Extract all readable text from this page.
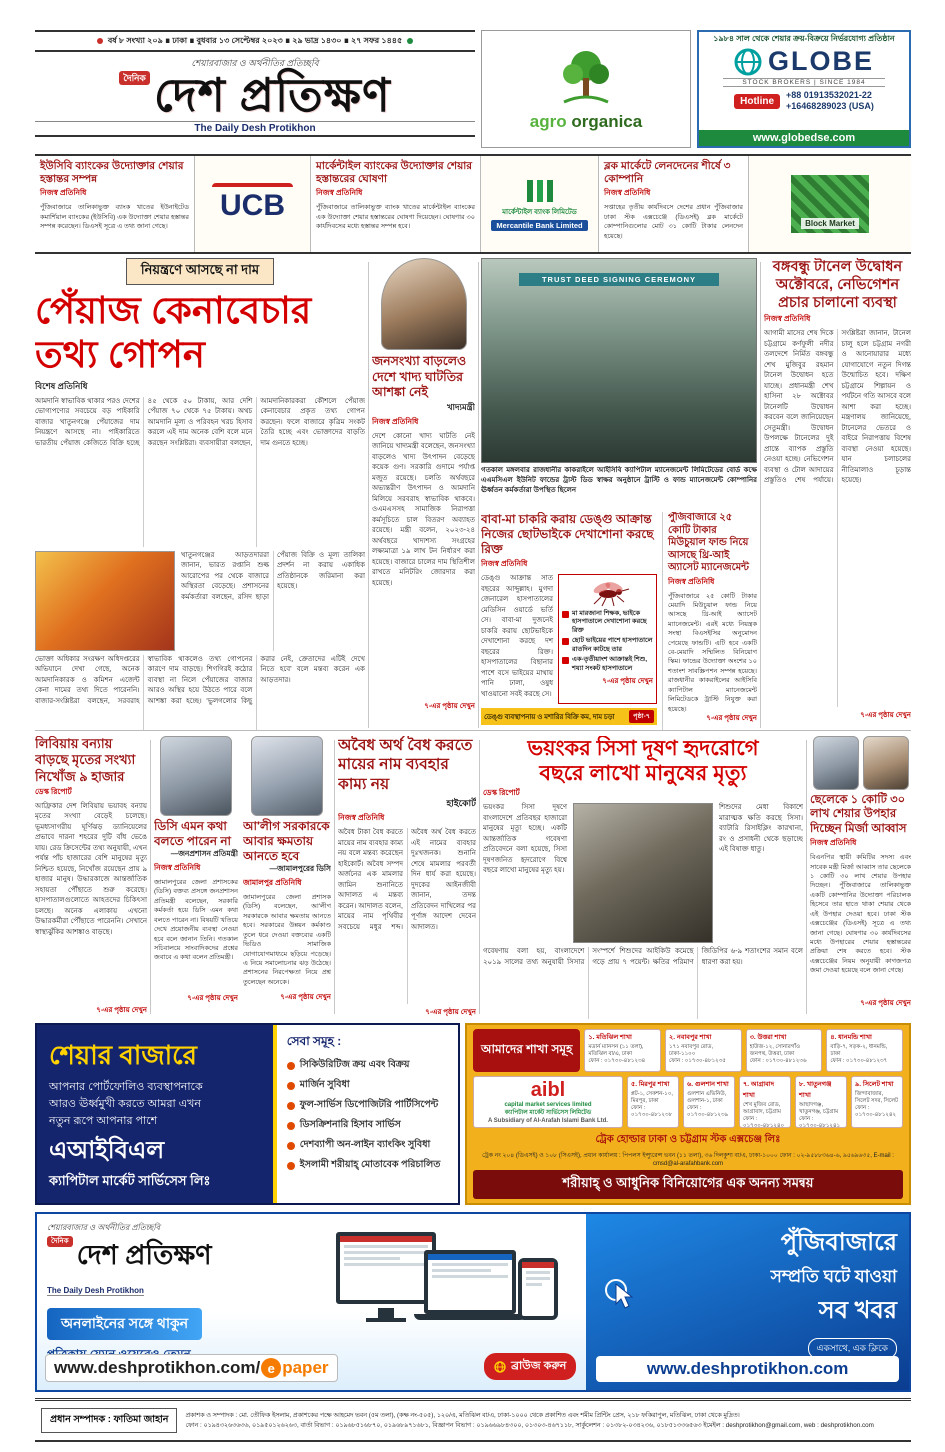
বর্ষ ৮ সংখ্যা ২০৯ ∎ ঢাকা ∎ বুধবার ১৩ সেপ্টেম্বর ২০২৩ ∎ ২৯ ভাদ্র ১৪৩০ ∎ ২৭ সফর ১৪৪৫
শেয়ারবাজার ও অর্থনীতির প্রতিচ্ছবি
$^{দৈনিক}$ দেশ প্রতিক্ষণ
The Daily Desh Protikhon	agro organica
১৯৮৪ সাল থেকে শেয়ার ক্রয়-বিক্রয়ে নির্ভরযোগ্য প্রতিষ্ঠান
GLOBE
STOCK BROKERS | SINCE 1984
Hotline
+88 01913532021-22
+16468289023 (USA)
www.globedse.com
ইউসিবি ব্যাংকের উদ্যোক্তার শেয়ার হস্তান্তর সম্পন্ন
নিজস্ব প্রতিনিধি
পুঁজিবাজারে তালিকাভুক্ত ব্যাংক খাতের ইউনাইটেড কমার্শিয়াল ব্যাংকের (ইউসিবি) এক উদ্যোক্তা শেয়ার হস্তান্তর সম্পন্ন করেছেন। ডিএসই সূত্রে এ তথ্য জানা গেছে।
UCB
মার্কেন্টাইল ব্যাংকের উদ্যোক্তার শেয়ার হস্তান্তরের ঘোষণা
নিজস্ব প্রতিনিধি
পুঁজিবাজারে তালিকাভুক্ত ব্যাংক খাতের মার্কেন্টাইল ব্যাংকের এক উদ্যোক্তা শেয়ার হস্তান্তরের ঘোষণা দিয়েছেন। ঘোষণার ৩০ কার্যদিবসের মধ্যে হস্তান্তর সম্পন্ন হবে।
মার্কেন্টাইল ব্যাংক লিমিটেড
Mercantile Bank Limited
ব্লক মার্কেটে লেনদেনের শীর্ষে ৩ কোম্পানি
নিজস্ব প্রতিনিধি
সপ্তাহের তৃতীয় কার্যদিবসে দেশের প্রধান পুঁজিবাজার ঢাকা স্টক এক্সচেঞ্জে (ডিএসই) ব্লক মার্কেটে কোম্পানিগুলোর মোট ৩১ কোটি টাকার লেনদেন হয়েছে।
Block Market
নিয়ন্ত্রণে আসছে না দাম
পেঁয়াজ কেনাবেচার
তথ্য গোপন
বিশেষ প্রতিনিধি
আমদানি স্বাভাবিক থাকার পরও দেশের ভোগ্যপণ্যের সবচেয়ে বড় পাইকারি বাজার খাতুনগঞ্জে পেঁয়াজের দাম নিয়ন্ত্রণে আসছে না। পাইকারিতে ভারতীয় পেঁয়াজ কেজিতে বিক্রি হচ্ছে ৪৫ থেকে ৫০ টাকায়, আর দেশি পেঁয়াজ ৭০ থেকে ৭৫ টাকায়। অথচ আমদানি মূল্য ও পরিবহন খরচ হিসাব করলে এই দাম অনেক বেশি বলে মনে করছেন সংশ্লিষ্টরা। ব্যবসায়ীরা বলছেন, আমদানিকারকরা কৌশলে পেঁয়াজ কেনাবেচার প্রকৃত তথ্য গোপন করছেন। ফলে বাজারে কৃত্রিম সংকট তৈরি হচ্ছে এবং ভোক্তাদের বাড়তি দাম গুনতে হচ্ছে।
খাতুনগঞ্জের আড়তদাররা জানান, ভারত রপ্তানি শুল্ক আরোপের পর থেকে বাজারে অস্থিরতা বেড়েছে। প্রশাসনের কর্মকর্তারা বলছেন, রসিদ ছাড়া পেঁয়াজ বিক্রি ও মূল্য তালিকা প্রদর্শন না করায় একাধিক প্রতিষ্ঠানকে জরিমানা করা হয়েছে।
ভোক্তা অধিকার সংরক্ষণ অধিদপ্তরের অভিযানে দেখা গেছে, অনেক আমদানিকারক ও কমিশন এজেন্ট কেনা দামের তথ্য দিতে পারেননি। বাজার-সংশ্লিষ্টরা বলছেন, সরবরাহ স্বাভাবিক থাকলেও তথ্য গোপনের কারণে দাম বাড়ছে। শিগগিরই কঠোর ব্যবস্থা না নিলে পেঁয়াজের বাজার আরও অস্থির হয়ে উঠতে পারে বলে আশঙ্কা করা হচ্ছে। ‘ভুলগলোর কিছু করার নেই, ক্রেতাদের এটিই দেখে নিতে হবে’ বলে মন্তব্য করেন এক আড়তদার।
জনসংখ্যা বাড়লেও দেশে খাদ্য ঘাটতির আশঙ্কা নেই
খাদ্যমন্ত্রী
নিজস্ব প্রতিনিধি
দেশে কোনো খাদ্য ঘাটতি নেই জানিয়ে খাদ্যমন্ত্রী বলেছেন, জনসংখ্যা বাড়লেও খাদ্য উৎপাদন বেড়েছে কয়েক গুণ। সরকারি গুদামে পর্যাপ্ত মজুত রয়েছে। চলতি অর্থবছরে অভ্যন্তরীণ উৎপাদন ও আমদানি মিলিয়ে সরবরাহ স্বাভাবিক থাকবে। ওএমএসসহ সামাজিক নিরাপত্তা কর্মসূচিতে চাল বিতরণ অব্যাহত রয়েছে। মন্ত্রী বলেন, ২০২৩-২৪ অর্থবছরে খাদ্যশস্য সংগ্রহের লক্ষ্যমাত্রা ১৯ লাখ টন নির্ধারণ করা হয়েছে। বাজারে চালের দাম স্থিতিশীল রাখতে মনিটরিং জোরদার করা হয়েছে।
৭-এর পৃষ্ঠায় দেখুন
TRUST DEED SIGNING CEREMONY
গতকাল মঙ্গলবার রাজধানীর কাকরাইলে আইসিবি ক্যাপিটাল ম্যানেজমেন্ট লিমিটেডের বোর্ড কক্ষে এএমসিএল ইউনিট ফান্ডের ট্রাস্ট ডিড স্বাক্ষর অনুষ্ঠানে ট্রাস্টি ও ফান্ড ম্যানেজমেন্ট কোম্পানির ঊর্ধ্বতন কর্মকর্তারা উপস্থিত ছিলেন
বাবা-মা চাকরি করায় ডেঙ্গু আক্রান্ত নিজের ছোটভাইকে দেখাশোনা করছে রিক্ত
নিজস্ব প্রতিনিধি
ডেঙ্গু আক্রান্ত সাত বছরের আব্দুল্লাহ। মুগদা জেনারেল হাসপাতালের মেডিসিন ওয়ার্ডে ভর্তি সে। বাবা-মা দুজনেই চাকরি করায় ছোটভাইকে দেখাশোনা করছে দশ বছরের রিক্ত। হাসপাতালের বিছানার পাশে বসে ভাইয়ের মাথায় পানি ঢালা, ওষুধ খাওয়ানো সবই করছে সে।
মা মারজানা শিক্ষক, ভাইকে হাসপাতালে দেখাশোনা করছে রিক্ত
ছোট ভাইয়ের পাশে হাসপাতালে রাতদিন কাটছে তার
এক-তৃতীয়াংশ আক্রান্তই শিশু, শয্যা সংকট হাসপাতালে
৭-এর পৃষ্ঠায় দেখুন
ডেঙ্গু ব্যবস্থাপনায় ও মশারির বিক্রি কম, দাম চড়া	পৃষ্ঠা-৭
পুঁজিবাজারে ২৫ কোটি টাকার মিউচুয়াল ফান্ড নিয়ে আসছে থ্রি-আই অ্যাসেট ম্যানেজমেন্ট
নিজস্ব প্রতিনিধি
পুঁজিবাজারে ২৫ কোটি টাকার মেয়াদি মিউচুয়াল ফান্ড নিয়ে আসছে থ্রি-আই অ্যাসেট ম্যানেজমেন্ট। এরই মধ্যে নিয়ন্ত্রক সংস্থা বিএসইসির অনুমোদন পেয়েছে ফান্ডটি। এটি হবে একটি বে-মেয়াদি সম্মিলিত বিনিয়োগ স্কিম। ফান্ডের উদ্যোক্তা অংশের ১০ শতাংশ সাবস্ক্রিপশন সম্পন্ন হয়েছে। রাজধানীর কাকরাইলের আইসিবি ক্যাপিটাল ম্যানেজমেন্ট লিমিটেডকে ট্রাস্টি নিযুক্ত করা হয়েছে।
৭-এর পৃষ্ঠায় দেখুন
বঙ্গবন্ধু টানেল উদ্বোধন অক্টোবরে, নেভিগেশন প্রচার চালানো ব্যবস্থা
নিজস্ব প্রতিনিধি
আগামী মাসের শেষ দিকে চট্টগ্রামে কর্ণফুলী নদীর তলদেশে নির্মিত বঙ্গবন্ধু শেখ মুজিবুর রহমান টানেল উদ্বোধন হতে যাচ্ছে। প্রধানমন্ত্রী শেখ হাসিনা ২৮ অক্টোবর টানেলটি উদ্বোধন করবেন বলে জানিয়েছেন সেতুমন্ত্রী। উদ্বোধন উপলক্ষে টানেলের দুই প্রান্তে ব্যাপক প্রস্তুতি নেওয়া হচ্ছে। নেভিগেশন ব্যবস্থা ও টোল আদায়ের প্রস্তুতিও শেষ পর্যায়ে। সংশ্লিষ্টরা জানান, টানেল চালু হলে চট্টগ্রাম নগরী ও আনোয়ারার মধ্যে যোগাযোগে নতুন দিগন্ত উন্মোচিত হবে। দক্ষিণ চট্টগ্রামে শিল্পায়ন ও পর্যটনে গতি আসবে বলে আশা করা হচ্ছে। মন্ত্রণালয় জানিয়েছে, টানেলের ভেতরে ও বাইরে নিরাপত্তায় বিশেষ ব্যবস্থা নেওয়া হয়েছে। যান চলাচলের নীতিমালাও চূড়ান্ত হয়েছে।
৭-এর পৃষ্ঠায় দেখুন
লিবিয়ায় বন্যায় বাড়ছে মৃতের সংখ্যা নিখোঁজ ৯ হাজার
ডেস্ক রিপোর্ট
আফ্রিকার দেশ লিবিয়ায় ভয়াবহ বন্যায় মৃতের সংখ্যা বেড়েই চলেছে। ভূমধ্যসাগরীয় ঘূর্ণিঝড় ড্যানিয়েলের প্রভাবে দারনা শহরের দুটি বাঁধ ভেঙে যায়। রেড ক্রিসেন্টের তথ্য অনুযায়ী, এখন পর্যন্ত পাঁচ হাজারের বেশি মানুষের মৃত্যু নিশ্চিত হয়েছে, নিখোঁজ রয়েছেন প্রায় ৯ হাজার মানুষ। উদ্ধারকাজে আন্তর্জাতিক সহায়তা পৌঁছাতে শুরু করেছে। হাসপাতালগুলোতে আহতদের চিকিৎসা চলছে। অনেক এলাকায় এখনো উদ্ধারকর্মীরা পৌঁছাতে পারেননি। সেখানে স্বাস্থ্যঝুঁকির আশঙ্কাও বাড়ছে।
৭-এর পৃষ্ঠায় দেখুন
ডিসি এমন কথা বলতে পারেন না
—জনপ্রশাসন প্রতিমন্ত্রী
নিজস্ব প্রতিনিধি
জামালপুরের জেলা প্রশাসকের (ডিসি) বক্তব্য প্রসঙ্গে জনপ্রশাসন প্রতিমন্ত্রী বলেছেন, সরকারি কর্মকর্তা হয়ে ডিসি এমন কথা বলতে পারেন না। বিষয়টি খতিয়ে দেখে প্রয়োজনীয় ব্যবস্থা নেওয়া হবে বলে জানান তিনি। গতকাল সচিবালয়ে সাংবাদিকদের প্রশ্নের জবাবে এ কথা বলেন প্রতিমন্ত্রী।
৭-এর পৃষ্ঠায় দেখুন
আ'লীগ সরকারকে আবার ক্ষমতায় আনতে হবে
—জামালপুরের ডিসি
জামালপুর প্রতিনিধি
জামালপুরের জেলা প্রশাসক (ডিসি) বলেছেন, আ'লীগ সরকারকে আবার ক্ষমতায় আনতে হবে। সরকারের উন্নয়ন কর্মকাণ্ড তুলে ধরে দেওয়া বক্তব্যের একটি ভিডিও সামাজিক যোগাযোগমাধ্যমে ছড়িয়ে পড়েছে। এ নিয়ে সমালোচনার ঝড় উঠেছে। প্রশাসনের নিরপেক্ষতা নিয়ে প্রশ্ন তুলেছেন অনেকে।
৭-এর পৃষ্ঠায় দেখুন
অবৈধ অর্থ বৈধ করতে মায়ের নাম ব্যবহার কাম্য নয়
হাইকোর্ট
নিজস্ব প্রতিনিধি
অবৈধ টাকা বৈধ করতে মায়ের নাম ব্যবহার কাম্য নয় বলে মন্তব্য করেছেন হাইকোর্ট। অবৈধ সম্পদ অর্জনের এক মামলার জামিন শুনানিতে আদালত এ মন্তব্য করেন। আদালত বলেন, মায়ের নাম পৃথিবীর সবচেয়ে মধুর শব্দ। অবৈধ অর্থ বৈধ করতে এই নামের ব্যবহার দুঃখজনক। শুনানি শেষে মামলার পরবর্তী দিন ধার্য করা হয়েছে। দুদকের আইনজীবী জানান, তদন্ত প্রতিবেদন দাখিলের পর পূর্ণাঙ্গ আদেশ দেবেন আদালত।
৭-এর পৃষ্ঠায় দেখুন
ভয়ংকর সিসা দূষণ হৃদরোগে
বছরে লাখো মানুষের মৃত্যু
ডেস্ক রিপোর্ট
ভয়ংকর সিসা দূষণে বাংলাদেশে প্রতিবছর হাজারো মানুষের মৃত্যু হচ্ছে। একটি আন্তর্জাতিক গবেষণা প্রতিবেদনে বলা হয়েছে, সিসা দূষণজনিত হৃদরোগে বিশ্বে বছরে লাখো মানুষের মৃত্যু হয়।
শিশুদের মেধা বিকাশে মারাত্মক ক্ষতি করছে সিসা। ব্যাটারি রিসাইক্লিং কারখানা, রং ও প্রসাধনী থেকে ছড়াচ্ছে এই বিষাক্ত ধাতু।
গবেষণায় বলা হয়, বাংলাদেশে ২০১৯ সালের তথ্য অনুযায়ী সিসার সংস্পর্শে শিশুদের আইকিউ কমেছে গড়ে প্রায় ৭ পয়েন্ট। ক্ষতির পরিমাণ জিডিপির ৬-৯ শতাংশের সমান বলে ধারণা করা হয়।
ছেলেকে ১ কোটি ৩০ লাখ শেয়ার উপহার দিচ্ছেন মির্জা আব্বাস
নিজস্ব প্রতিনিধি
বিএনপির স্থায়ী কমিটির সদস্য এবং সাবেক মন্ত্রী মির্জা আব্বাস তার ছেলেকে ১ কোটি ৩০ লাখ শেয়ার উপহার দিচ্ছেন। পুঁজিবাজারে তালিকাভুক্ত একটি কোম্পানির উদ্যোক্তা পরিচালক হিসেবে তার হাতে থাকা শেয়ার থেকে এই উপহার দেওয়া হবে। ঢাকা স্টক এক্সচেঞ্জের (ডিএসই) সূত্রে এ তথ্য জানা গেছে। ঘোষণার ৩০ কার্যদিবসের মধ্যে উপহারের শেয়ার হস্তান্তরের প্রক্রিয়া শেষ করতে হবে। স্টক এক্সচেঞ্জের নিয়ম অনুযায়ী কাগজপত্র জমা দেওয়া হয়েছে বলে জানা গেছে।
৭-এর পৃষ্ঠায় দেখুন
শেয়ার বাজারে
আপনার পোর্টফোলিও ব্যবস্থাপনাকে
আরও ঊর্ধ্বমুখী করতে আমরা এখন
নতুন রূপে আপনার পাশে
এআইবিএল
ক্যাপিটাল মার্কেট সার্ভিসেস লিঃ
সেবা সমূহ :
সিকিউরিটিজ ক্রয় এবং বিক্রয়
মার্জিন সুবিধা
ফুল-সার্ভিস ডিপোজিটরি পার্টিসিপেন্ট
ডিসক্রিশনারি হিসাব সার্ভিস
দেশব্যাপী অন-লাইন ব্যাংকিং সুবিধা
ইসলামী শরীয়াহ্ মোতাবেক পরিচালিত
আমাদের শাখা সমূহ
১. মতিঝিল শাখা

মডার্ন ম্যানসন (১১ তলা), মতিঝিল বা/এ, ঢাকা

ফোন : ০১৭৩০-৪৮১২৩৪

২. নবাবপুর শাখা

১৭১ নবাবপুর রোড, ঢাকা-১১০০

ফোন : ০১৭৩০-৪৮১২৩৫

৩. উত্তরা শাখা

হাউজ-১২, সোনারগাঁও জনপথ, উত্তরা, ঢাকা

ফোন : ০১৭৩০-৪৮১২৩৬

৪. ধানমন্ডি শাখা

বাড়ি-৭, সড়ক-২, ধানমন্ডি, ঢাকা

ফোন : ০১৭৩০-৪৮১২৩৭

aibl
capital market services limited
ক্যাপিটাল মার্কেট সার্ভিসেস লিমিটেড
A Subsidiary of Al-Arafah Islami Bank Ltd.
৫. মিরপুর শাখা

প্লট-১, সেকশন-১০, মিরপুর, ঢাকা

ফোন : ০১৭৩০-৪৮১২৩৮

৬. গুলশান শাখা

গুলশান এভিনিউ, গুলশান-১, ঢাকা

ফোন : ০১৭৩০-৪৮১২৩৯

৭. আগ্রাবাদ শাখা

শেখ মুজিব রোড, আগ্রাবাদ, চট্টগ্রাম

ফোন : ০১৭৩০-৪৮১২৪০

৮. খাতুনগঞ্জ শাখা

আছাদগঞ্জ, খাতুনগঞ্জ, চট্টগ্রাম

ফোন : ০১৭৩০-৪৮১২৪১

৯. সিলেট শাখা

জিন্দাবাজার, সিলেট সদর, সিলেট

ফোন : ০১৭৩০-৪৮১২৪২

ট্রেক হোল্ডার ঢাকা ও চট্টগ্রাম স্টক এক্সচেঞ্জ লিঃ
ট্রেক নং ২০৪ (ডিএসই) ও ১০৮ (সিএসই), প্রধান কার্যালয় : পিপলস ইন্স্যুরেন্স ভবন (১১ তলা), ৩৬ দিলকুশা বা/এ, ঢাকা-১০০০ ফোন : ০২-৯৫৮৮৩৬৪-৬, ৯৫৬৯৬৩৫, E-mail : cmsd@al-arafahbank.com
শরীয়াহ্ ও আধুনিক বিনিয়োগের এক অনন্য সমন্বয়
শেয়ারবাজার ও অর্থনীতির প্রতিচ্ছবি
$^{দৈনিক}$ দেশ প্রতিক্ষণ
The Daily Desh Protikhon
অনলাইনের সঙ্গে থাকুন
www.deshprotikhon.com/ e paper	ব্রাউজ করুন
পুঁজিবাজারে
সম্প্রতি ঘটে যাওয়া
সব খবর
একসাথে, এক ক্লিকে
www.deshprotikhon.com
প্রধান সম্পাদক : ফাতিমা জাহান	প্রকাশক ও সম্পাদক : মো. তৌফিক ইসলাম, প্রকাশকের পক্ষে আহমেদ ভবন (৫ম তলা), (কক্ষ নং-৫০৫), ১২০/এ, মতিঝিল বা/এ, ঢাকা-১০০০ থেকে প্রকাশিত এবং শমীম প্রিন্টিং প্রেস, ২১৮ ফকিরাপুল, মতিঝিল, ঢাকা থেকে মুদ্রিত।
ফোন : ০১৯৪৩২৬৩৬৩৬, ০১৯৫০১২৬২৬৩, বার্তা বিভাগ : ০১৯৬৮৫১৬৮৭০, ০১৯৬৮৯৭১৬৮১, বিজ্ঞাপন বিভাগ : ০১৯৬৬৯৮৪৩০০, ০১৩০৩-৪৬৭১১৮, সার্কুলেশন : ০১৩৮২-০৩৪২৩৬, ০১৮৫১৩৩৬৫৬৩ ইমেইল : deshprotikhon@gmail.com, web : deshprotikhon.com
